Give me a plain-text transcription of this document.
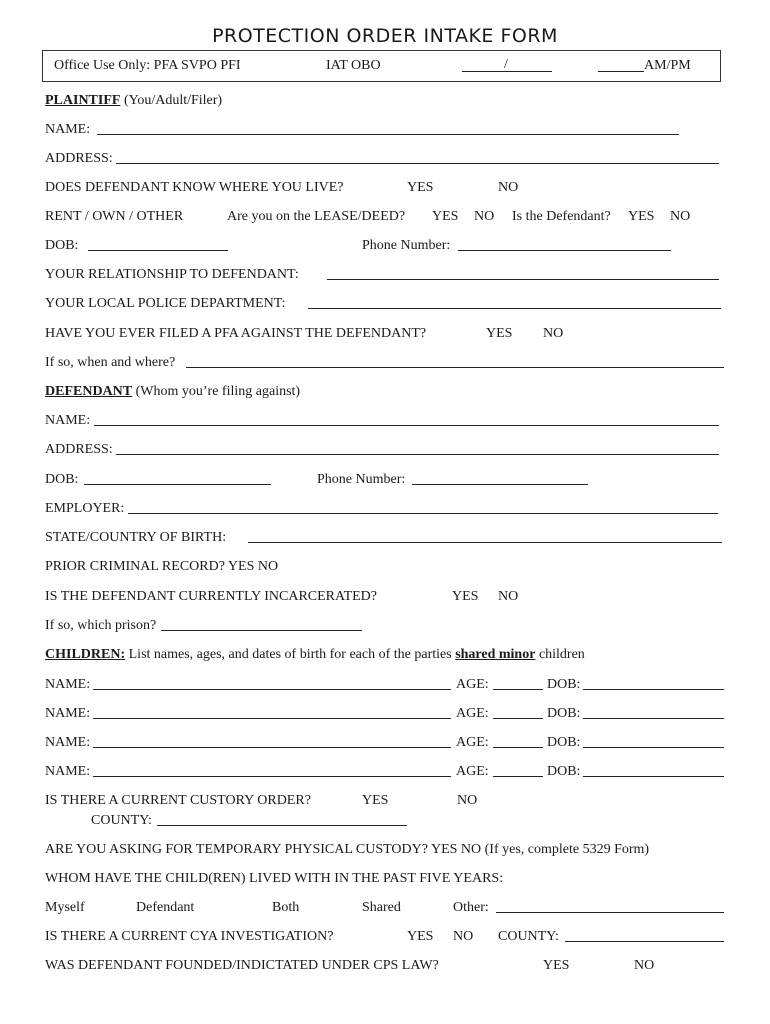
PROTECTION ORDER INTAKE FORM
Office Use Only: PFA SVPO PFI	IAT OBO	/	AM/PM
PLAINTIFF (You/Adult/Filer)
NAME:
ADDRESS:
DOES DEFENDANT KNOW WHERE YOU LIVE?	YES	NO
RENT / OWN / OTHER	Are you on the LEASE/DEED? YES NO Is the Defendant? YES NO
DOB:	Phone Number:
YOUR RELATIONSHIP TO DEFENDANT:
YOUR LOCAL POLICE DEPARTMENT:
HAVE YOU EVER FILED A PFA AGAINST THE DEFENDANT?	YES NO
If so, when and where?
DEFENDANT (Whom you’re filing against)
NAME:
ADDRESS:
DOB:	Phone Number:
EMPLOYER:
STATE/COUNTRY OF BIRTH:
PRIOR CRIMINAL RECORD? YES NO
IS THE DEFENDANT CURRENTLY INCARCERATED?	YES NO
If so, which prison?
CHILDREN: List names, ages, and dates of birth for each of the parties shared minor children
NAME:	AGE:	DOB:
NAME:	AGE:	DOB:
NAME:	AGE:	DOB:
NAME:	AGE:	DOB:
IS THERE A CURRENT CUSTORY ORDER?	YES	NO
COUNTY:
ARE YOU ASKING FOR TEMPORARY PHYSICAL CUSTODY? YES NO (If yes, complete 5329 Form)
WHOM HAVE THE CHILD(REN) LIVED WITH IN THE PAST FIVE YEARS:
Myself	Defendant	Both	Shared	Other:
IS THERE A CURRENT CYA INVESTIGATION?	YES NO COUNTY:
WAS DEFENDANT FOUNDED/INDICTATED UNDER CPS LAW?	YES	NO
